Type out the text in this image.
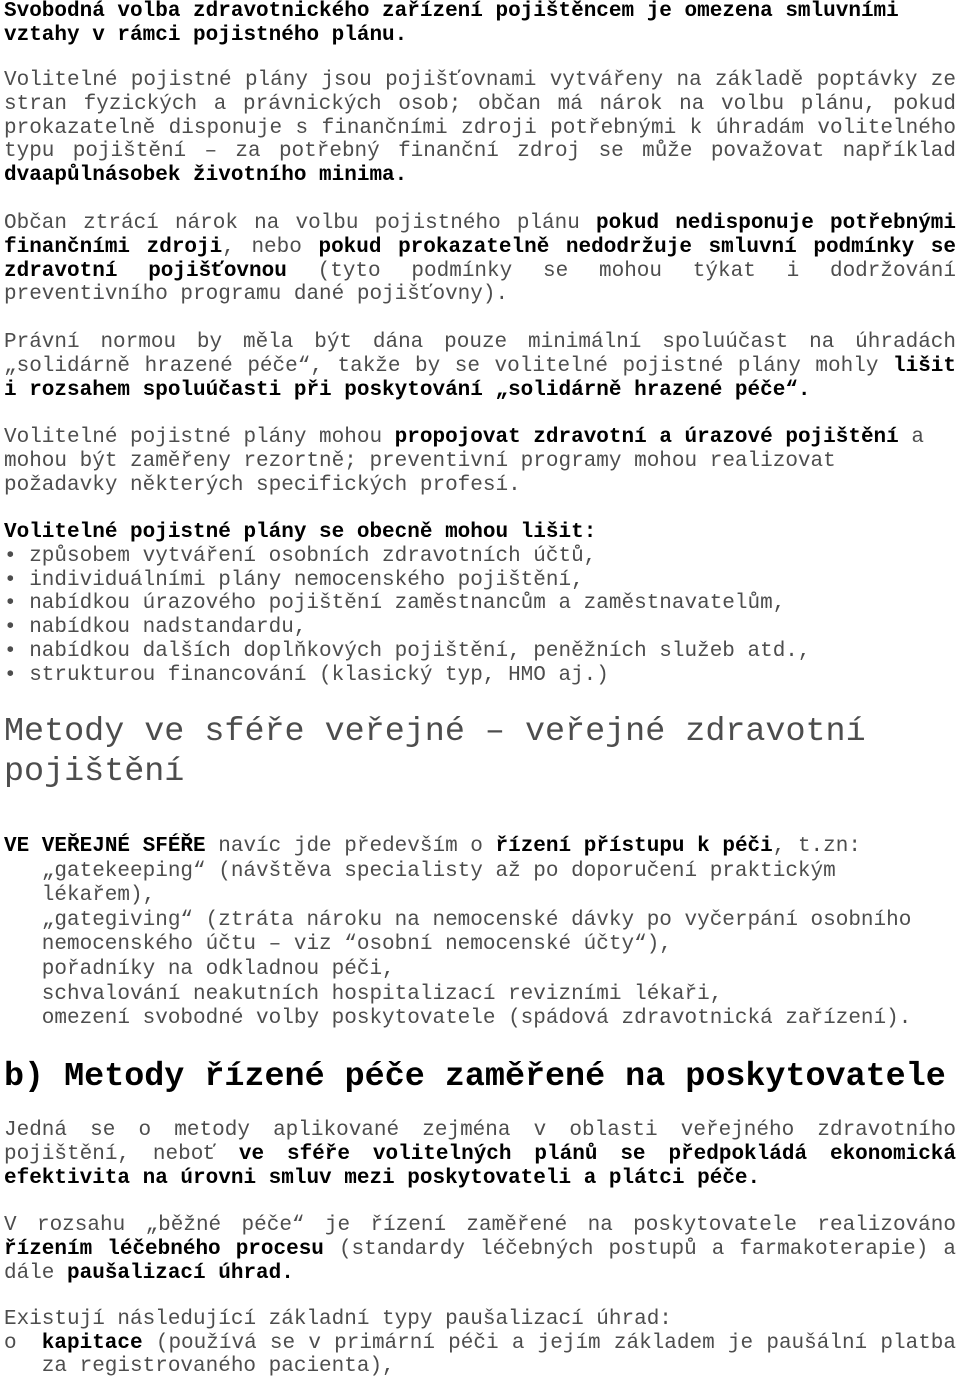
Svobodná volba zdravotnického zařízení pojištěncem je omezena smluvními vztahy v rámci pojistného plánu.

Volitelné pojistné plány jsou pojišťovnami vytvářeny na základě poptávky ze stran fyzických a právnických osob; občan má nárok na volbu plánu, pokud prokazatelně disponuje s finančními zdroji potřebnými k úhradám volitelného typu pojištění – za potřebný finanční zdroj se může považovat například dvaapůlnásobek životního minima.

Občan ztrácí nárok na volbu pojistného plánu pokud nedisponuje potřebnými finančními zdroji, nebo pokud prokazatelně nedodržuje smluvní podmínky se zdravotní pojišťovnou (tyto podmínky se mohou týkat i dodržování preventivního programu dané pojišťovny).

Právní normou by měla být dána pouze minimální spoluúčast na úhradách „solidárně hrazené péče“, takže by se volitelné pojistné plány mohly lišit i rozsahem spoluúčasti při poskytování „solidárně hrazené péče“.

Volitelné pojistné plány mohou propojovat zdravotní a úrazové pojištění a mohou být zaměřeny rezortně; preventivní programy mohou realizovat požadavky některých specifických profesí.

Volitelné pojistné plány se obecně mohou lišit:
• způsobem vytváření osobních zdravotních účtů,
• individuálními plány nemocenského pojištění,
• nabídkou úrazového pojištění zaměstnancům a zaměstnavatelům,
• nabídkou nadstandardu,
• nabídkou dalších doplňkových pojištění, peněžních služeb atd.,
• strukturou financování (klasický typ, HMO aj.)
Metody ve sféře veřejné – veřejné zdravotní pojištění
VE VEŘEJNÉ SFÉŘE navíc jde především o řízení přístupu k péči, t.zn:
„gatekeeping“ (návštěva specialisty až po doporučení praktickým lékařem),
„gategiving“ (ztráta nároku na nemocenské dávky po vyčerpání osobního nemocenského účtu – viz “osobní nemocenské účty“),
pořadníky na odkladnou péči,
schvalování neakutních hospitalizací revizními lékaři,
omezení svobodné volby poskytovatele (spádová zdravotnická zařízení).
b) Metody řízené péče zaměřené na poskytovatele

Jedná se o metody aplikované zejména v oblasti veřejného zdravotního pojištění, neboť ve sféře volitelných plánů se předpokládá ekonomická efektivita na úrovni smluv mezi poskytovateli a plátci péče.

V rozsahu „běžné péče“ je řízení zaměřené na poskytovatele realizováno řízením léčebného procesu (standardy léčebných postupů a farmakoterapie) a dále paušalizací úhrad.

Existují následující základní typy paušalizací úhrad:
o	kapitace (používá se v primární péči a jejím základem je paušální platba za registrovaného pacienta),
